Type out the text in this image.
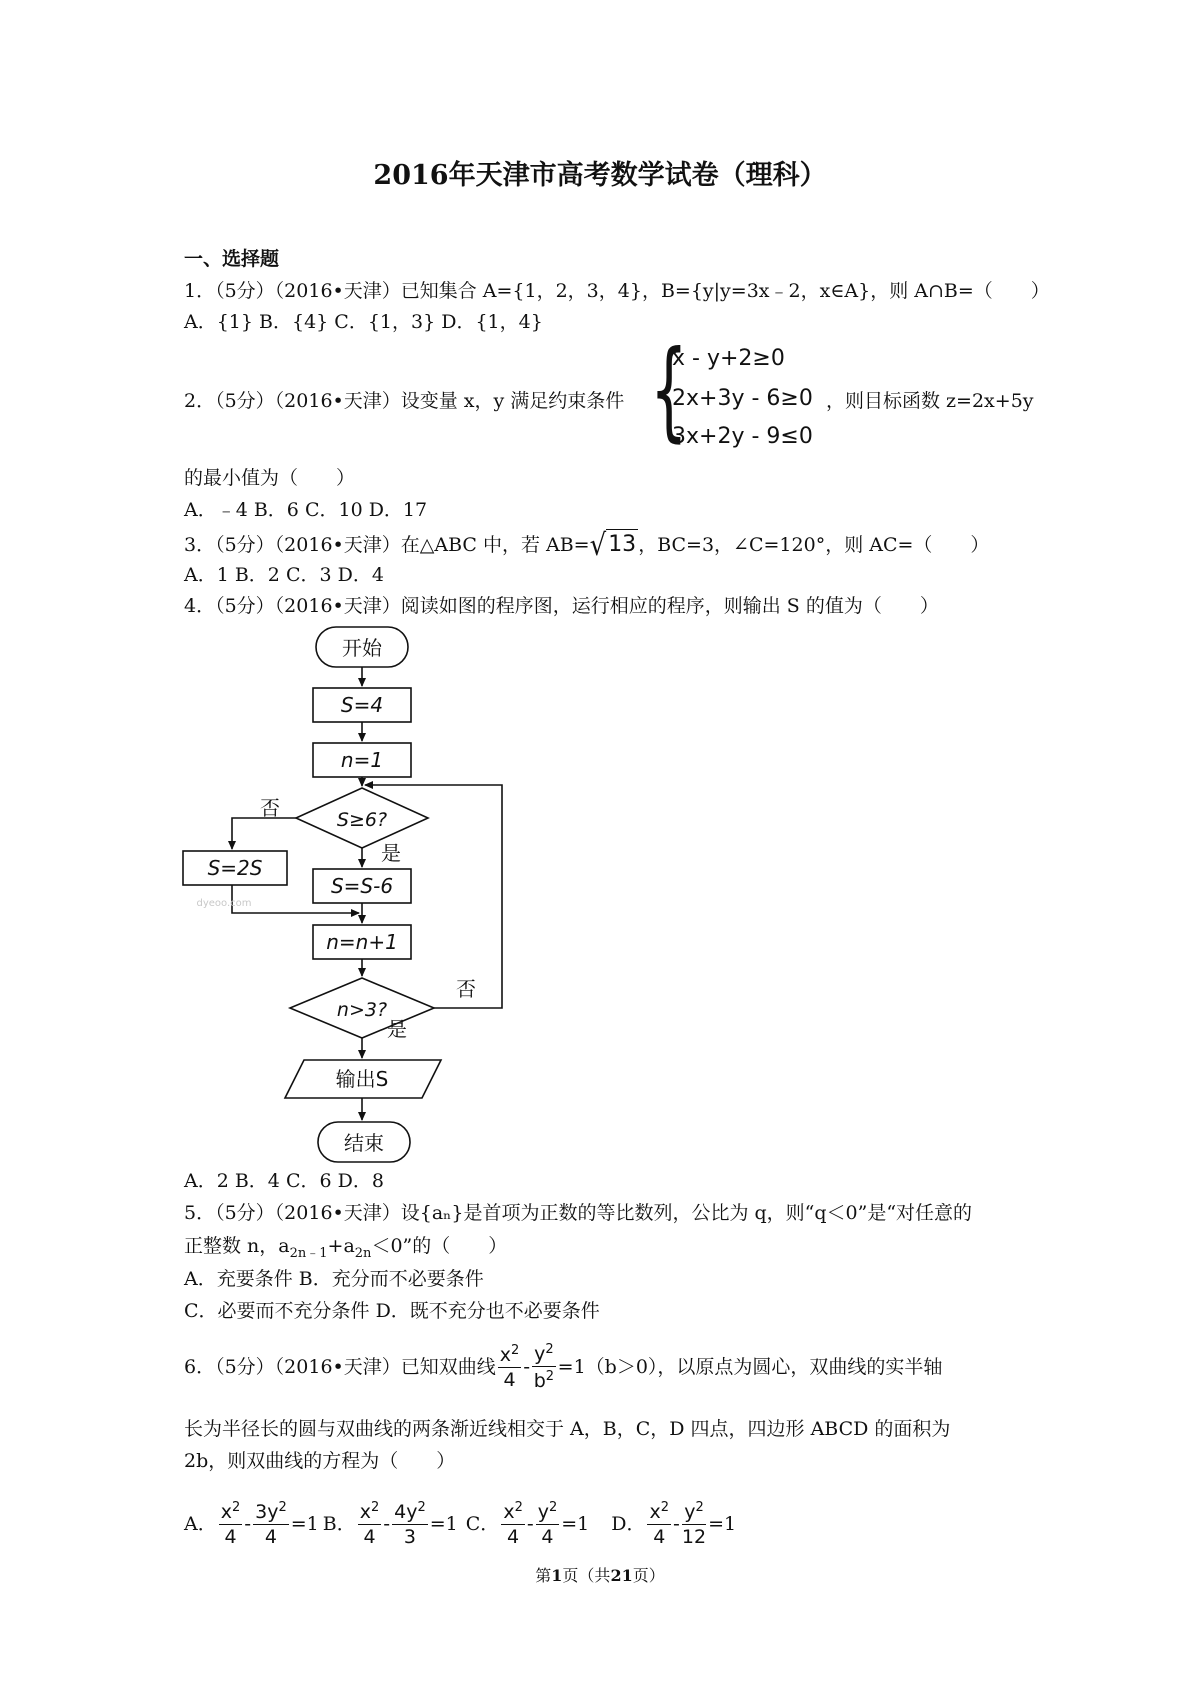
2016年天津市高考数学试卷（理科）
一、选择题
1．（5分）（2016•天津）已知集合 A={1，2，3，4}，B={y|y=3x﹣2，x∈A}，则 A∩B=（　　）
A．{1} B．{4} C．{1，3} D．{1，4}
2．（5分）（2016•天津）设变量 x，y 满足约束条件 {
x - y+2≥0
2x+3y - 6≥0
3x+2y - 9≤0
，则目标函数 z=2x+5y
的最小值为（　　）
A．﹣4 B．6 C．10 D．17
3．（5分）（2016•天津）在△ABC 中，若 AB=√13 ，BC=3，∠C=120°，则 AC=（　　）
A．1 B．2 C．3 D．4
4．（5分）（2016•天津）阅读如图的程序图，运行相应的程序，则输出 S 的值为（　　）
开始
S=4
n=1
S≥6?
否
是
S=2S
S=S-6
n=n+1
n>3?
否
是
输出S
结束
dyeoo.com
A．2 B．4 C．6 D．8
5．（5分）（2016•天津）设{aₙ}是首项为正数的等比数列，公比为 q，则“q＜0”是“对任意的
正整数 n，$a_{2n﹣1}+a_{2n}<0$”的（　　）
A．充要条件 B．充分而不必要条件
C．必要而不充分条件 D．既不充分也不必要条件
6．（5分）（2016•天津）已知双曲线 $\frac{x^2}{4} - \frac{y^2}{b^2} =1(b>0)$，以原点为圆心，双曲线的实半轴
长为半径长的圆与双曲线的两条渐近线相交于 A，B，C，D 四点，四边形 ABCD 的面积为
2b，则双曲线的方程为（　　）
A． $\frac{x^2}{4} - \frac{3y^2}{4} =1$ B． $\frac{x^2}{4} - \frac{4y^2}{3} =1$ C． $\frac{x^2}{4} - \frac{y^2}{4} =1$ D． $\frac{x^2}{4} - \frac{y^2}{12} =1$
第1页（共21页）
